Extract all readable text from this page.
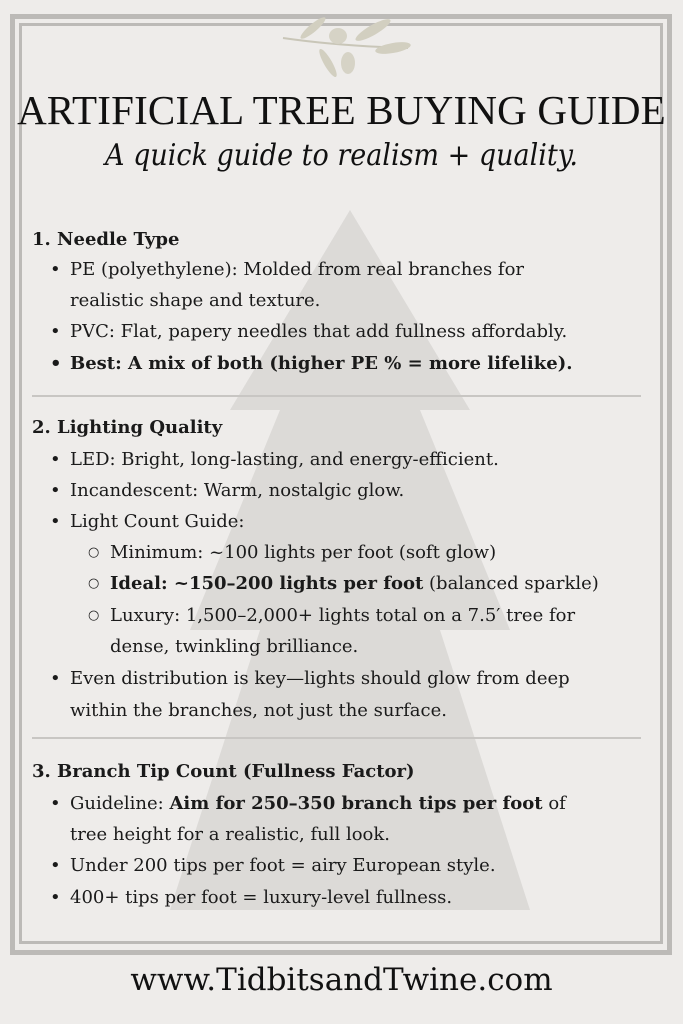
ARTIFICIAL TREE BUYING GUIDE
A quick guide to realism + quality.
1. Needle Type
• PE (polyethylene): Molded from real branches for
realistic shape and texture.
• PVC: Flat, papery needles that add fullness affordably.
• Best: A mix of both (higher PE % = more lifelike).
2. Lighting Quality
• LED: Bright, long-lasting, and energy-efficient.
• Incandescent: Warm, nostalgic glow.
• Light Count Guide:
○ Minimum: ~100 lights per foot (soft glow)
○ Ideal: ~150–200 lights per foot (balanced sparkle)
○ Luxury: 1,500–2,000+ lights total on a 7.5′ tree for
dense, twinkling brilliance.
• Even distribution is key—lights should glow from deep
within the branches, not just the surface.
3. Branch Tip Count (Fullness Factor)
• Guideline: Aim for 250–350 branch tips per foot of
tree height for a realistic, full look.
• Under 200 tips per foot = airy European style.
• 400+ tips per foot = luxury-level fullness.
www.TidbitsandTwine.com
